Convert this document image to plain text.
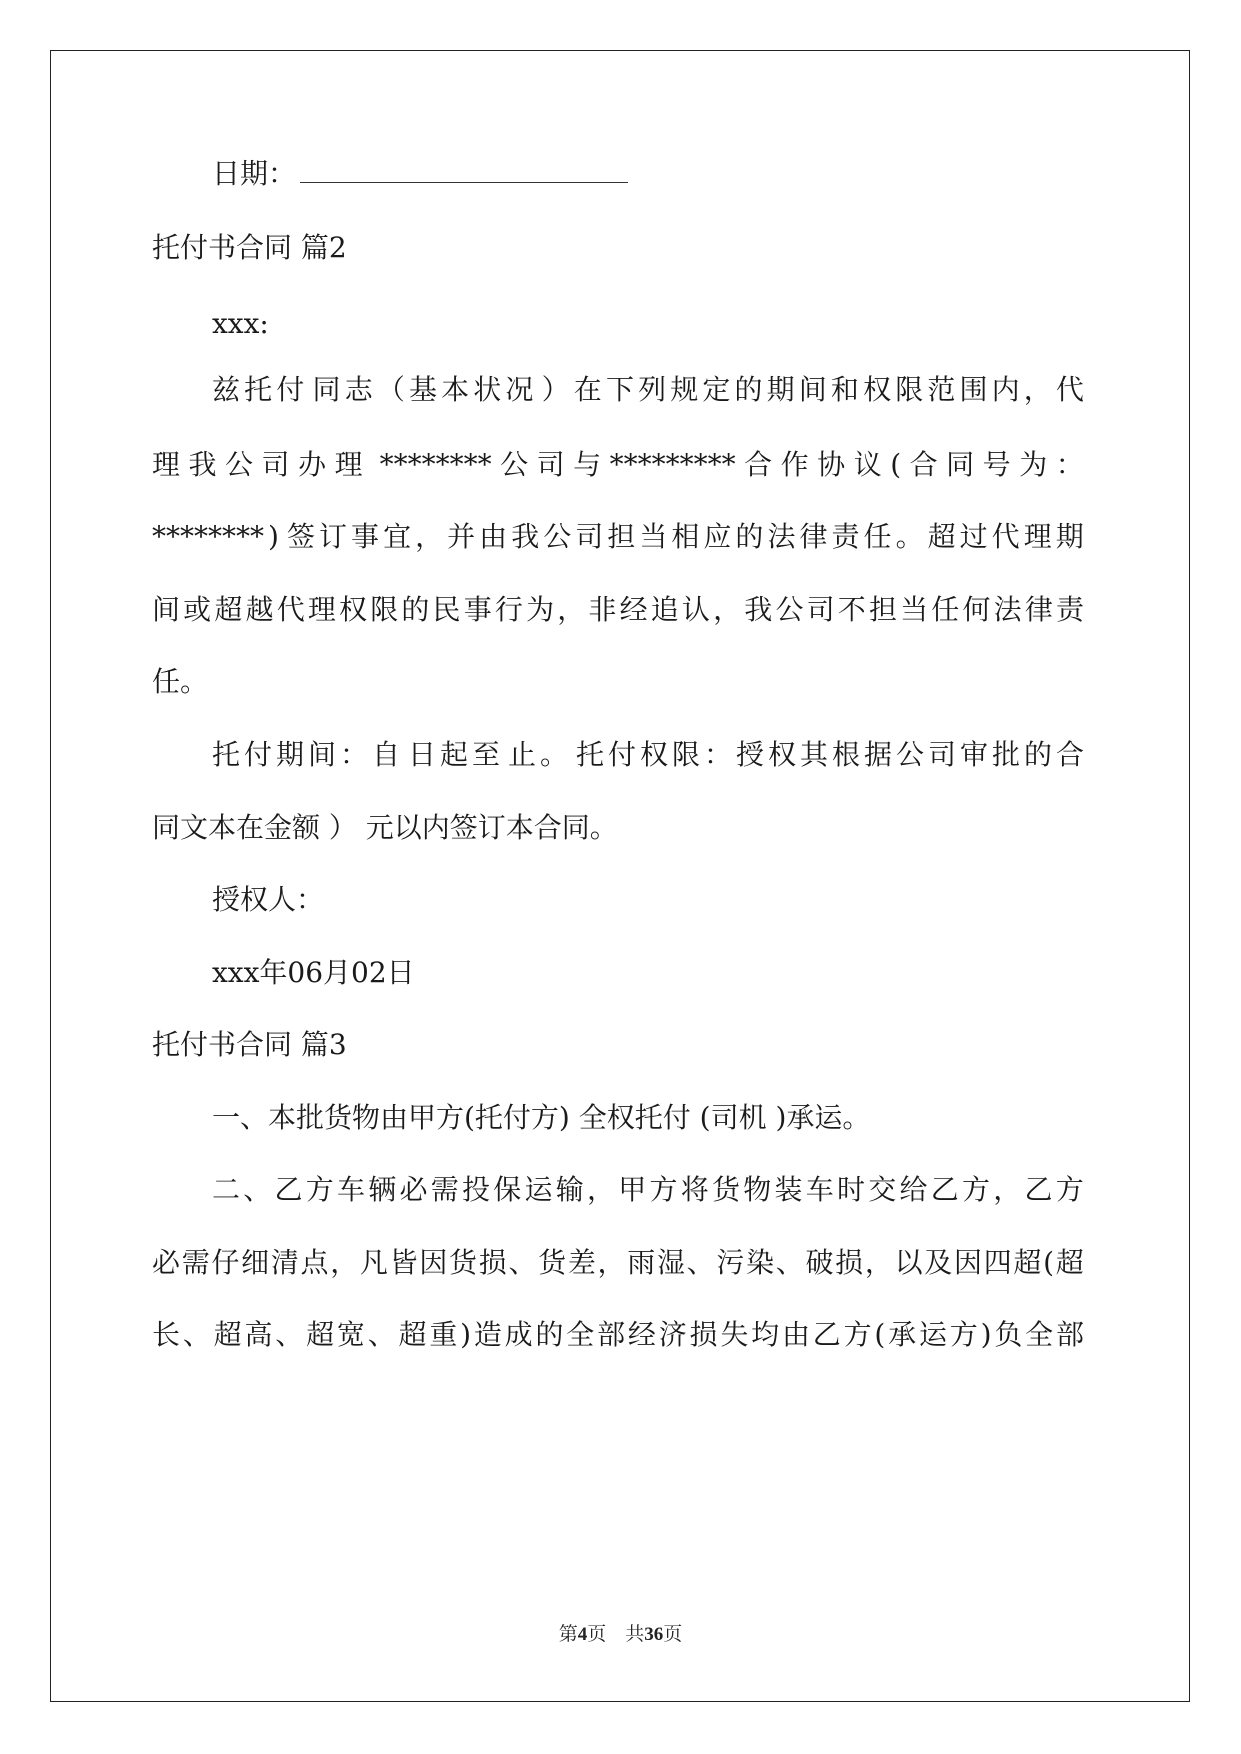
日期：
托付书合同 篇2
xxx:
兹 托 付 同 志 （ 基 本 状 况 ） 在 下 列 规 定 的 期 间 和 权 限 范 围 内 ， 代
理 我 公 司 办 理 ******** 公 司 与 ********* 合 作 协 议 ( 合 同 号 为 ：
******** ) 签 订 事 宜 ， 并 由 我 公 司 担 当 相 应 的 法 律 责 任 。 超 过 代 理 期
间 或 超 越 代 理 权 限 的 民 事 行 为 ， 非 经 追 认 ， 我 公 司 不 担 当 任 何 法 律 责
任。
托 付 期 间 ： 自 日 起 至 止 。 托 付 权 限 ： 授 权 其 根 据 公 司 审 批 的 合
同文本在金额 ） 元以内签订本合同。
授权人：
xxx年06月02日
托付书合同 篇3
一、本批货物由甲方(托付方) 全权托付 (司机 )承运。
二 、 乙 方 车 辆 必 需 投 保 运 输 ， 甲 方 将 货 物 装 车 时 交 给 乙 方 ， 乙 方
必 需 仔 细 清 点 ， 凡 皆 因 货 损 、 货 差 ， 雨 湿 、 污 染 、 破 损 ， 以 及 因 四 超 ( 超
长 、 超 高 、 超 宽 、 超 重 ) 造 成 的 全 部 经 济 损 失 均 由 乙 方 ( 承 运 方 ) 负 全 部
第4页    共36页
